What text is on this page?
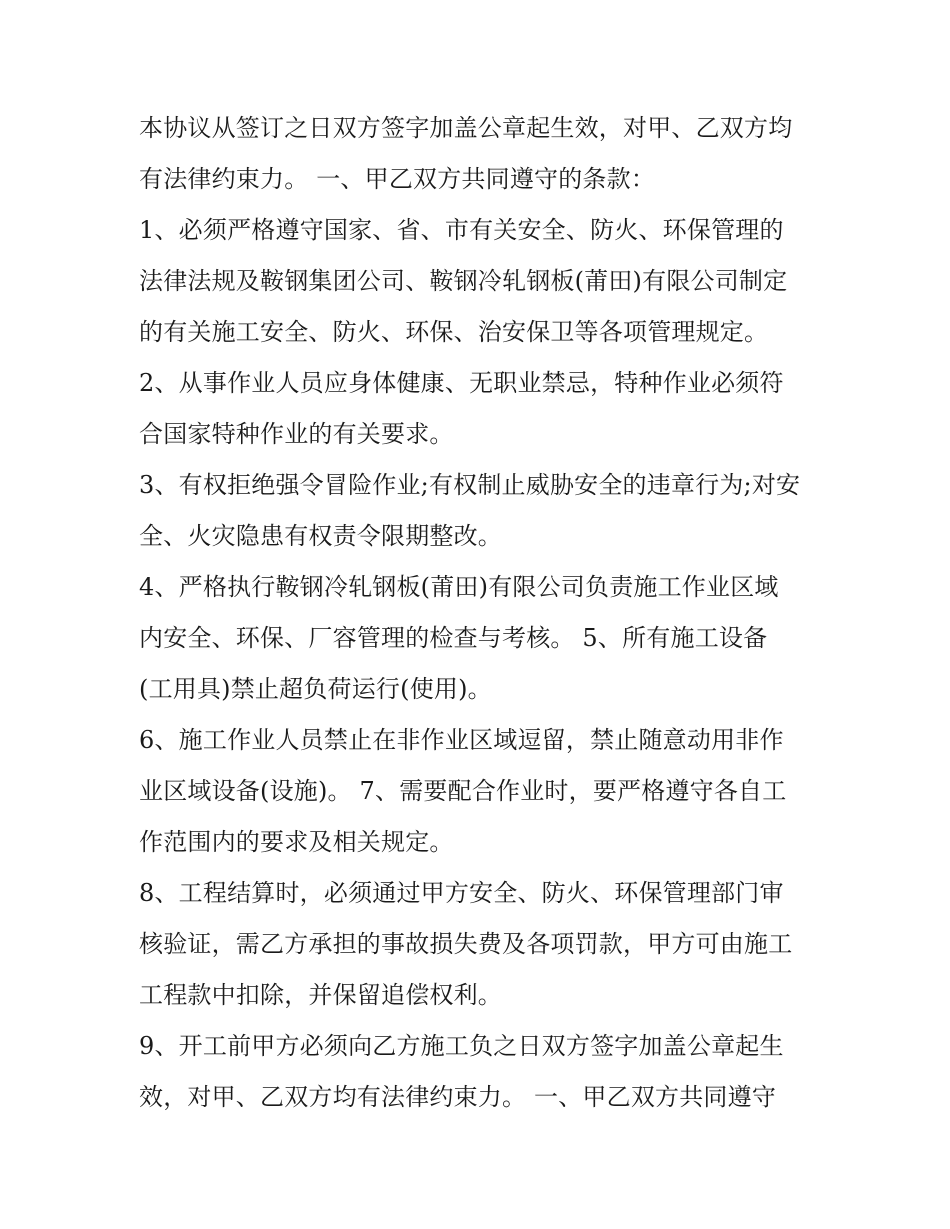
本协议从签订之日双方签字加盖公章起生效，对甲、乙双方均
有法律约束力。 一、甲乙双方共同遵守的条款：
1、必须严格遵守国家、省、市有关安全、防火、环保管理的
法律法规及鞍钢集团公司、鞍钢冷轧钢板(莆田)有限公司制定
的有关施工安全、防火、环保、治安保卫等各项管理规定。
2、从事作业人员应身体健康、无职业禁忌，特种作业必须符
合国家特种作业的有关要求。
3、有权拒绝强令冒险作业;有权制止威胁安全的违章行为;对安
全、火灾隐患有权责令限期整改。
4、严格执行鞍钢冷轧钢板(莆田)有限公司负责施工作业区域
内安全、环保、厂容管理的检查与考核。 5、所有施工设备
(工用具)禁止超负荷运行(使用)。
6、施工作业人员禁止在非作业区域逗留，禁止随意动用非作
业区域设备(设施)。 7、需要配合作业时，要严格遵守各自工
作范围内的要求及相关规定。
8、工程结算时，必须通过甲方安全、防火、环保管理部门审
核验证，需乙方承担的事故损失费及各项罚款，甲方可由施工
工程款中扣除，并保留追偿权利。
9、开工前甲方必须向乙方施工负之日双方签字加盖公章起生
效，对甲、乙双方均有法律约束力。 一、甲乙双方共同遵守
